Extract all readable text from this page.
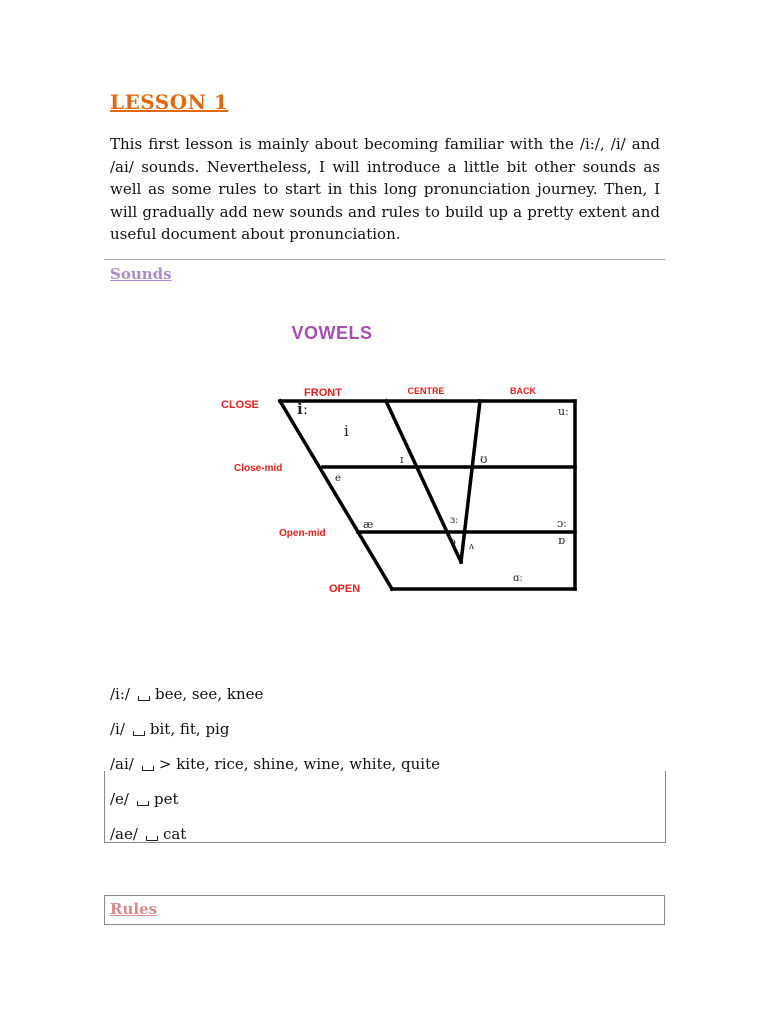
LESSON 1
This first lesson is mainly about becoming familiar with the /i:/, /i/ and /ai/ sounds. Nevertheless, I will introduce a little bit other sounds as well as some rules to start in this long pronunciation journey. Then, I will gradually add new sounds and rules to build up a pretty extent and useful document about pronunciation.
Sounds
VOWELS
FRONT	CENTRE	BACK
CLOSE
Close-mid
Open-mid
OPEN
iː
i
uː
ɪ	ʊ
e
æ	ɜː	ɔː
ə ʌ	ɒ
ɑː
/i:/ bee, see, knee
/i/ bit, fit, pig
/ai/ > kite, rice, shine, wine, white, quite
/e/ pet
/ae/ cat
Rules
